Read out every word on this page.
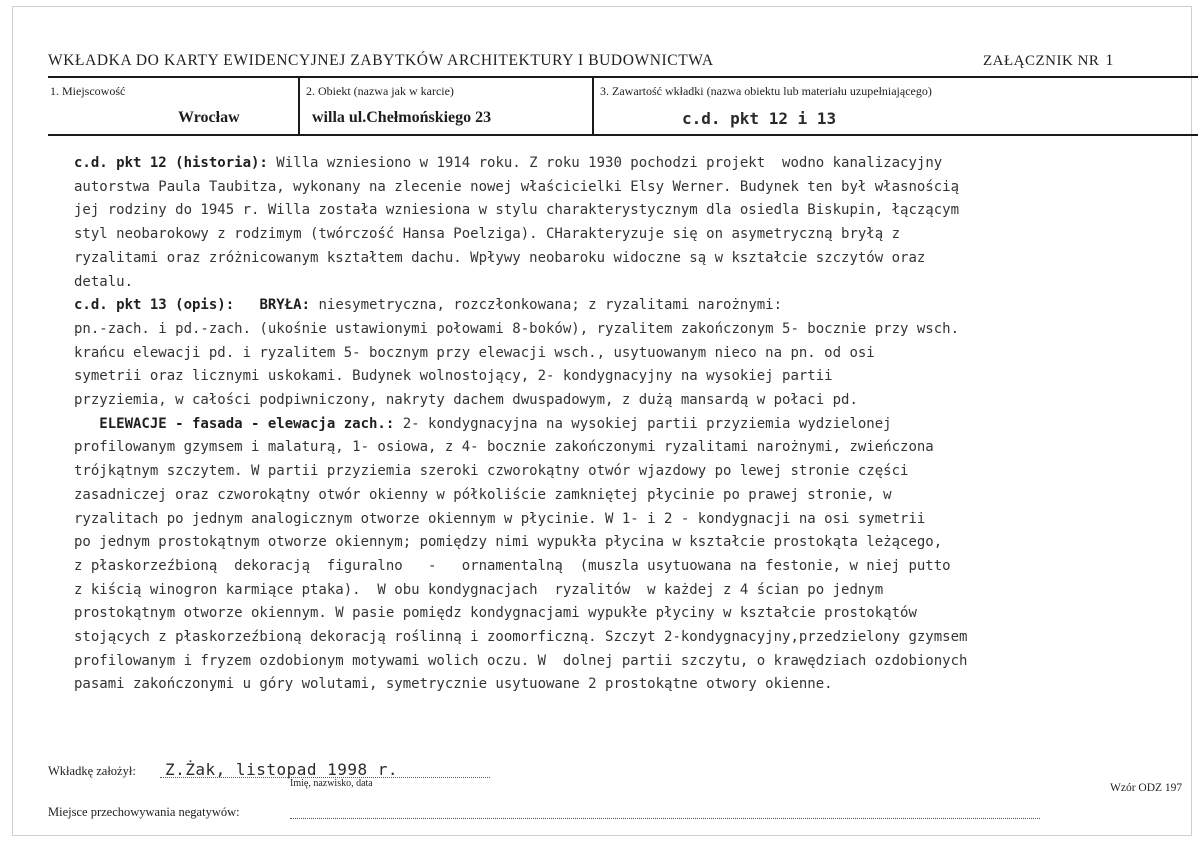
WKŁADKA DO KARTY EWIDENCYJNEJ ZABYTKÓW ARCHITEKTURY I BUDOWNICTWA	ZAŁĄCZNIK NR 1
1. Miejscowość
Wrocław
2. Obiekt (nazwa jak w karcie)
willa ul.Chełmońskiego 23
3. Zawartość wkładki (nazwa obiektu lub materiału uzupełniającego)
c.d. pkt 12 i 13
c.d. pkt 12 (historia): Willa wzniesiono w 1914 roku. Z roku 1930 pochodzi projekt  wodno kanalizacyjny
autorstwa Paula Taubitza, wykonany na zlecenie nowej właścicielki Elsy Werner. Budynek ten był własnością
jej rodziny do 1945 r. Willa została wzniesiona w stylu charakterystycznym dla osiedla Biskupin, łączącym
styl neobarokowy z rodzimym (twórczość Hansa Poelziga). CHarakteryzuje się on asymetryczną bryłą z
ryzalitami oraz zróżnicowanym kształtem dachu. Wpływy neobaroku widoczne są w kształcie szczytów oraz
detalu.
c.d. pkt 13 (opis): BRYŁA: niesymetryczna, rozczłonkowana; z ryzalitami narożnymi:
pn.-zach. i pd.-zach. (ukośnie ustawionymi połowami 8-boków), ryzalitem zakończonym 5- bocznie przy wsch.
krańcu elewacji pd. i ryzalitem 5- bocznym przy elewacji wsch., usytuowanym nieco na pn. od osi
symetrii oraz licznymi uskokami. Budynek wolnostojący, 2- kondygnacyjny na wysokiej partii
przyziemia, w całości podpiwniczony, nakryty dachem dwuspadowym, z dużą mansardą w połaci pd.
ELEWACJE - fasada - elewacja zach.: 2- kondygnacyjna na wysokiej partii przyziemia wydzielonej
profilowanym gzymsem i malaturą, 1- osiowa, z 4- bocznie zakończonymi ryzalitami narożnymi, zwieńczona
trójkątnym szczytem. W partii przyziemia szeroki czworokątny otwór wjazdowy po lewej stronie części
zasadniczej oraz czworokątny otwór okienny w półkoliście zamkniętej płycinie po prawej stronie, w
ryzalitach po jednym analogicznym otworze okiennym w płycinie. W 1- i 2 - kondygnacji na osi symetrii
po jednym prostokątnym otworze okiennym; pomiędzy nimi wypukła płycina w kształcie prostokąta leżącego,
z płaskorzeźbioną  dekoracją  figuralno   -   ornamentalną  (muszla usytuowana na festonie, w niej putto
z kiścią winogron karmiące ptaka).  W obu kondygnacjach  ryzalitów  w każdej z 4 ścian po jednym
prostokątnym otworze okiennym. W pasie pomiędz kondygnacjami wypukłe płyciny w kształcie prostokątów
stojących z płaskorzeźbioną dekoracją roślinną i zoomorficzną. Szczyt 2-kondygnacyjny,przedzielony gzymsem
profilowanym i fryzem ozdobionym motywami wolich oczu. W  dolnej partii szczytu, o krawędziach ozdobionych
pasami zakończonymi u góry wolutami, symetrycznie usytuowane 2 prostokątne otwory okienne.
Wkładkę założył: Z.Żak, listopad 1998 r.
Imię, nazwisko, data	Wzór ODZ 197
Miejsce przechowywania negatywów:
